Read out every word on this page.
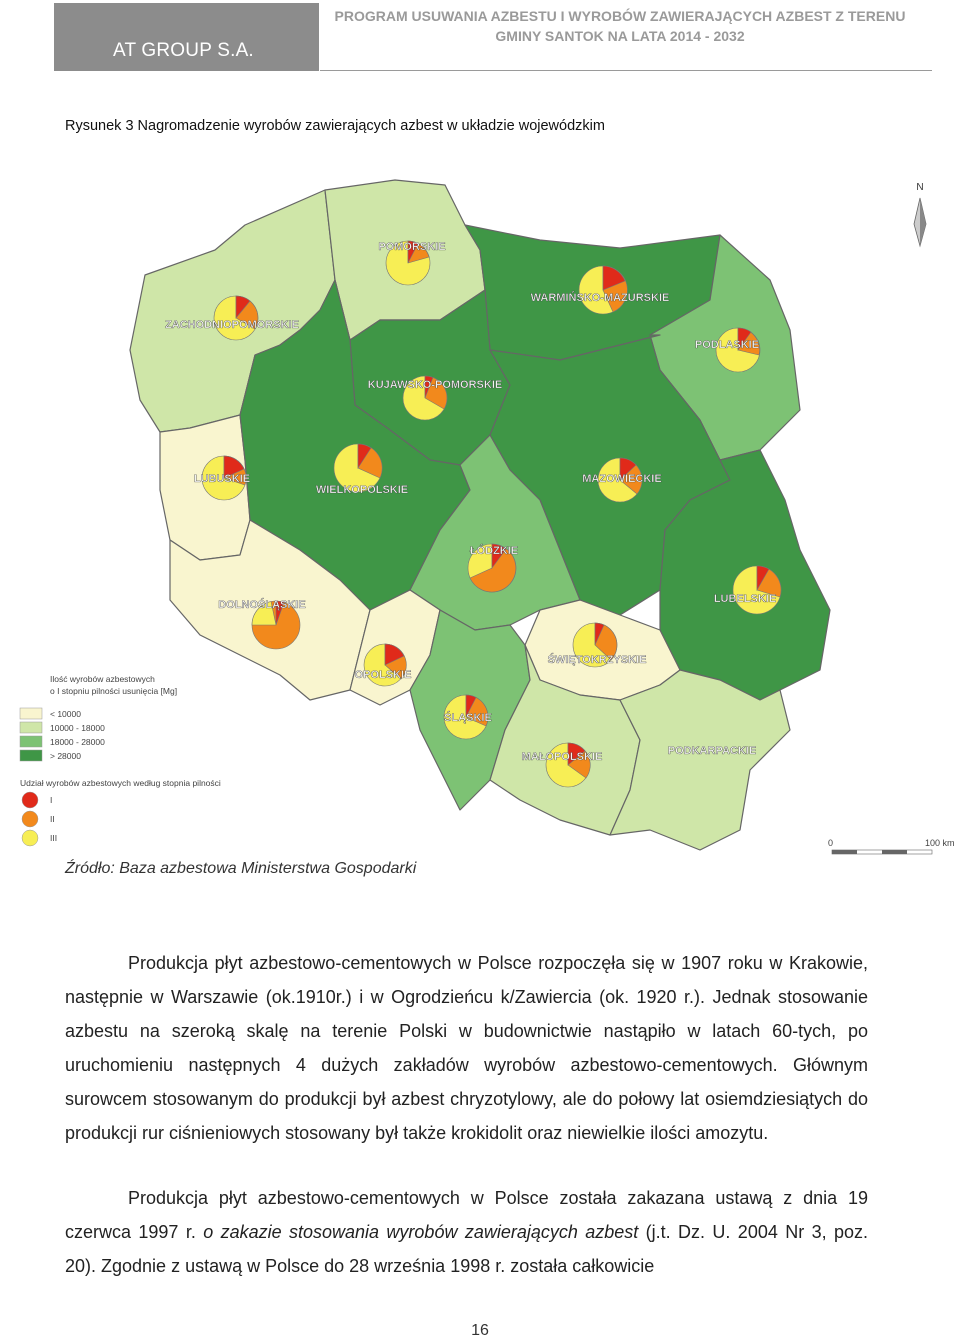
AT GROUP S.A.
PROGRAM USUWANIA AZBESTU I WYROBÓW ZAWIERAJĄCYCH AZBEST Z TERENU
GMINY SANTOK NA LATA 2014 - 2032
Rysunek 3 Nagromadzenie wyrobów zawierających azbest w układzie wojewódzkim
POMORSKIE
ZACHODNIOPOMORSKIE
WARMIŃSKO-MAZURSKIE
PODLASKIE
KUJAWSKO-POMORSKIE
LUBUSKIE
WIELKOPOLSKIE
MAZOWIECKIE
ŁÓDZKIE
LUBELSKIE
DOLNOŚLĄSKIE
OPOLSKIE
ŚWIĘTOKRZYSKIE
ŚLĄSKIE
MAŁOPOLSKIE	PODKARPACKIE
N
Ilość wyrobów azbestowych
o I stopniu pilności usunięcia [Mg]
< 10000
10000 - 18000
18000 - 28000
> 28000
Udział wyrobów azbestowych według stopnia pilności
I
II
III	0	100 km
Źródło: Baza azbestowa Ministerstwa Gospodarki

Produkcja płyt azbestowo-cementowych w Polsce rozpoczęła się w 1907 roku w Krakowie, następnie w Warszawie (ok.1910r.) i w Ogrodzieńcu k/Zawiercia (ok. 1920 r.). Jednak stosowanie azbestu na szeroką skalę na terenie Polski w budownictwie nastąpiło w latach 60-tych, po uruchomieniu następnych 4 dużych zakładów wyrobów azbestowo-cementowych. Głównym surowcem stosowanym do produkcji był azbest chryzotylowy, ale do połowy lat osiemdziesiątych do produkcji rur ciśnieniowych stosowany był także krokidolit oraz niewielkie ilości amozytu.

Produkcja płyt azbestowo-cementowych w Polsce została zakazana ustawą z dnia 19 czerwca 1997 r. o zakazie stosowania wyrobów zawierających azbest (j.t. Dz. U. 2004 Nr 3, poz. 20). Zgodnie z ustawą w Polsce do 28 września 1998 r. została całkowicie

16
